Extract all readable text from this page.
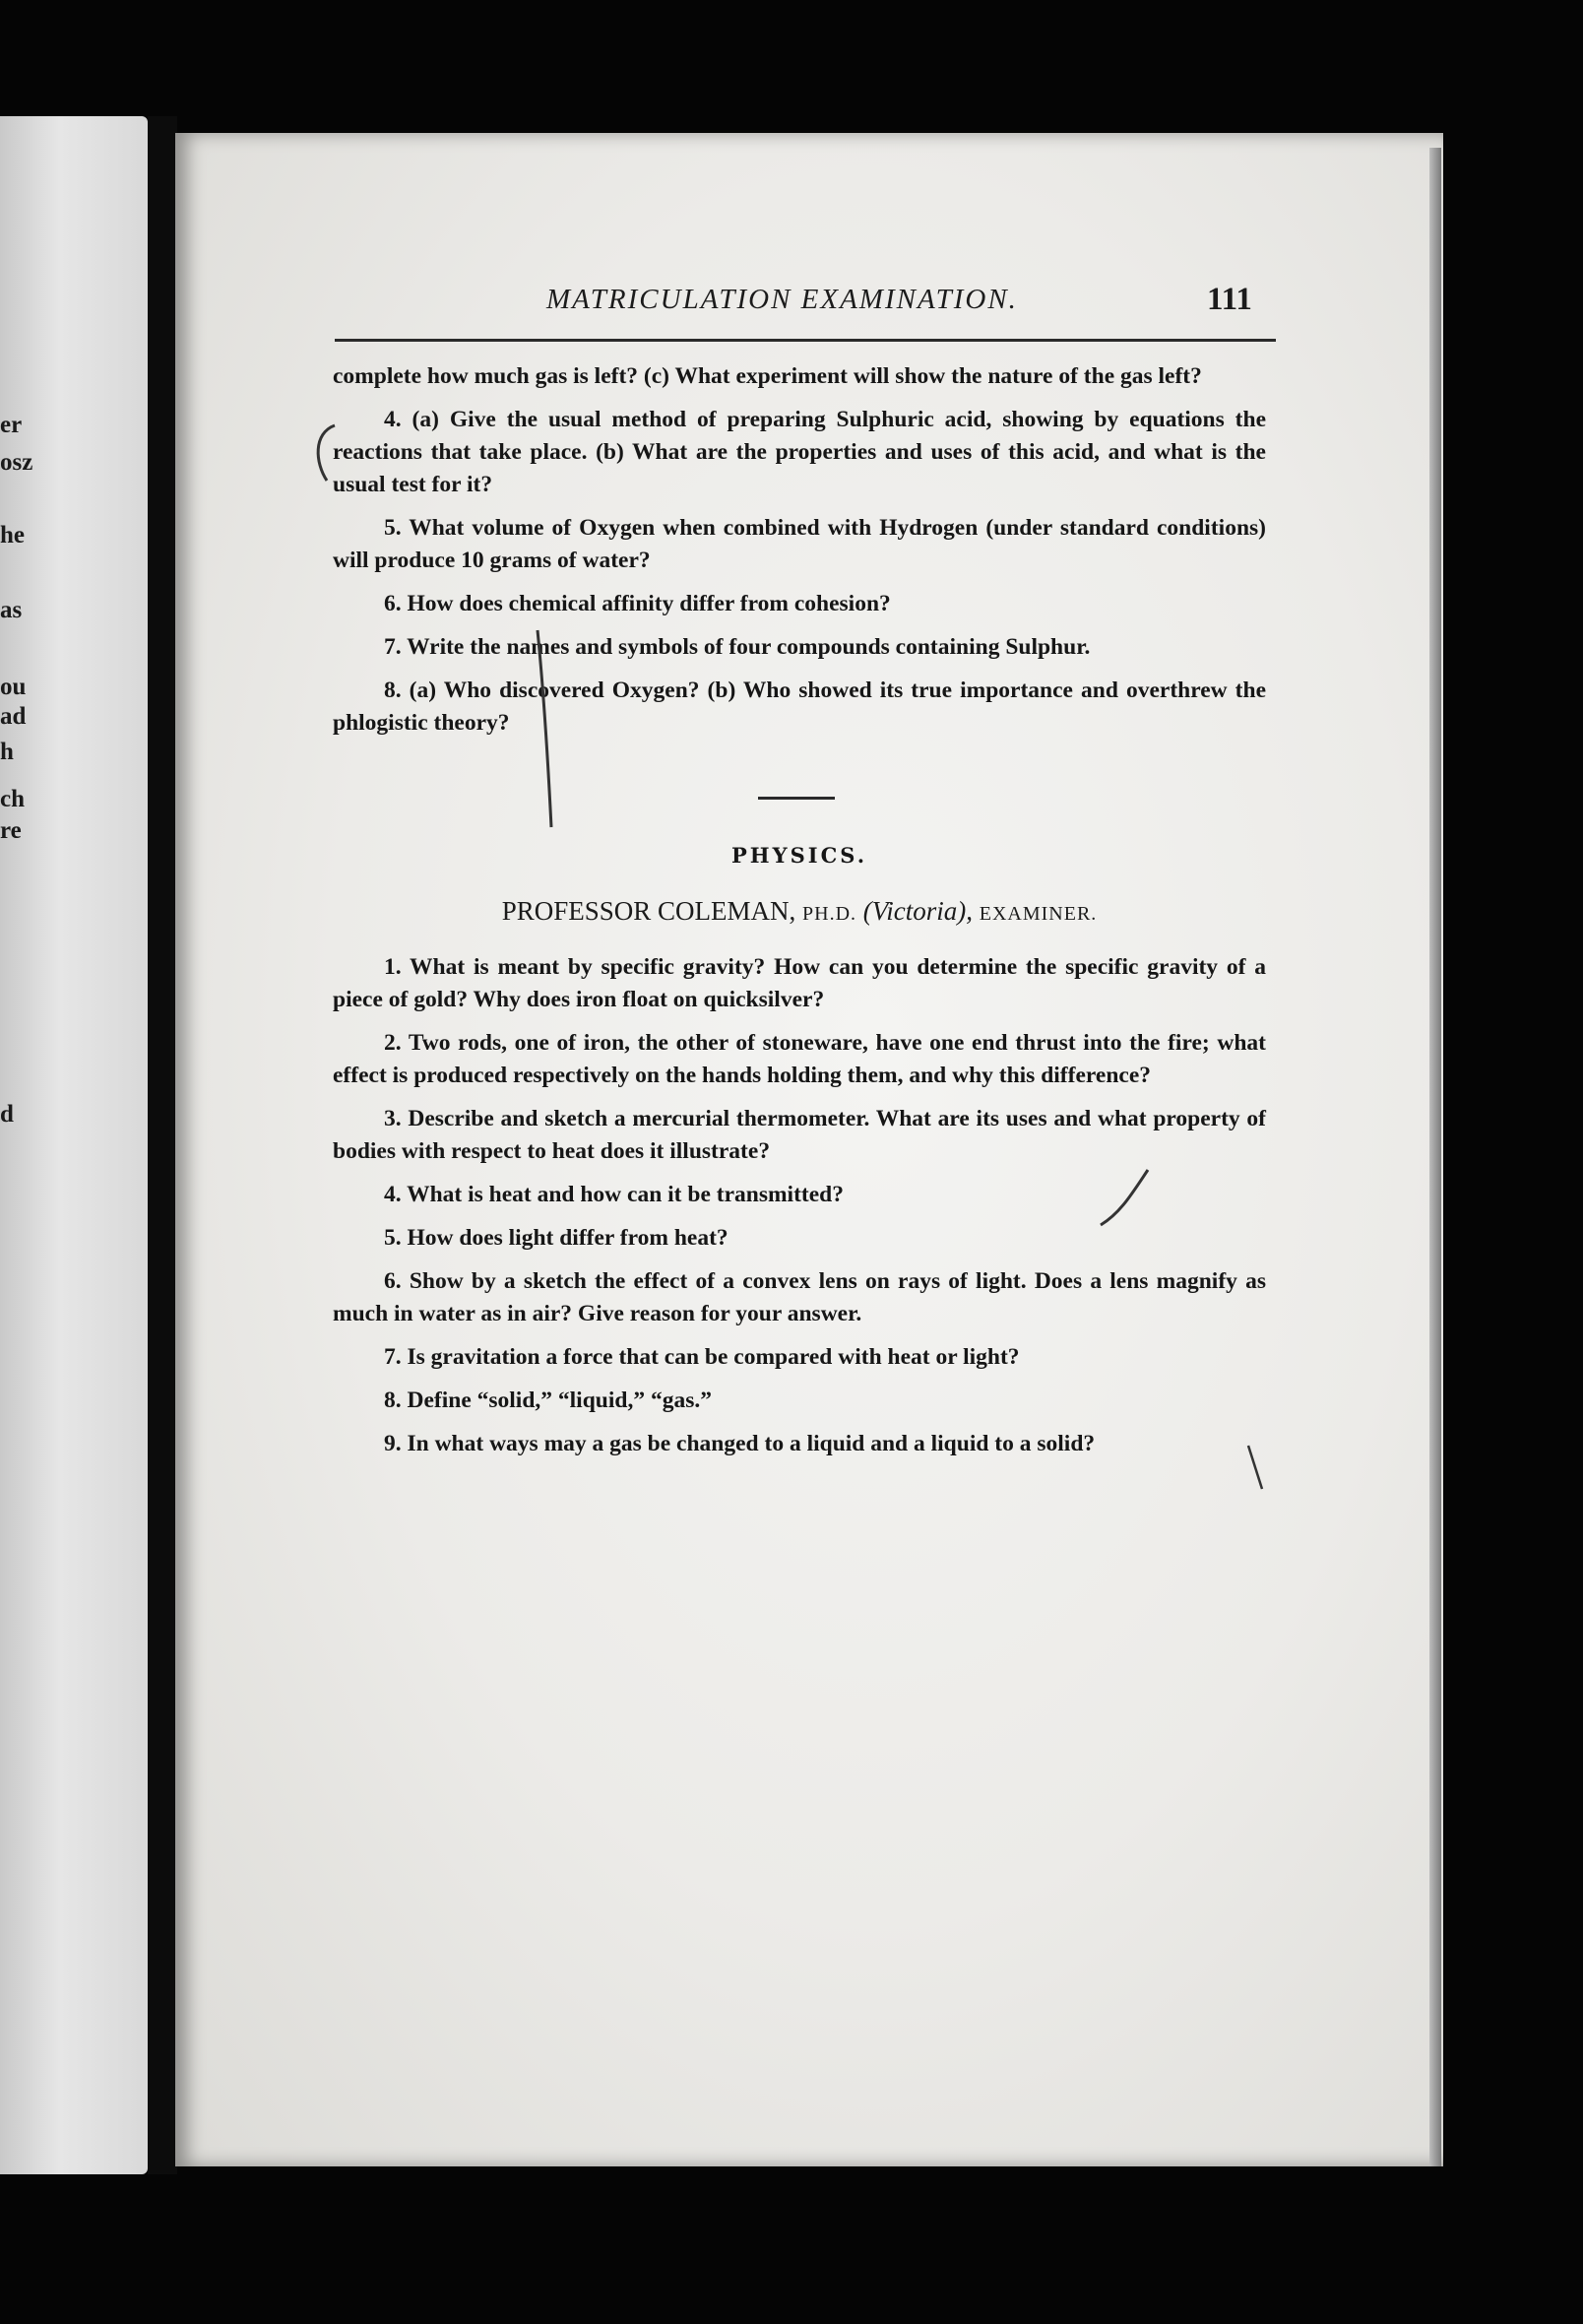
er
osz
he
as
ou
ad
h
ch
re
d
MATRICULATION EXAMINATION.	111

complete how much gas is left? (c) What experiment will show the nature of the gas left?

4. (a) Give the usual method of preparing Sulphuric acid, showing by equations the reactions that take place. (b) What are the properties and uses of this acid, and what is the usual test for it?

5. What volume of Oxygen when combined with Hydrogen (under standard conditions) will produce 10 grams of water?

6. How does chemical affinity differ from cohesion?

7. Write the names and symbols of four compounds containing Sulphur.

8. (a) Who discovered Oxygen? (b) Who showed its true importance and overthrew the phlogistic theory?

PHYSICS.
PROFESSOR COLEMAN, PH.D. (Victoria), EXAMINER.

1. What is meant by specific gravity? How can you determine the specific gravity of a piece of gold? Why does iron float on quicksilver?

2. Two rods, one of iron, the other of stoneware, have one end thrust into the fire; what effect is produced respectively on the hands holding them, and why this difference?

3. Describe and sketch a mercurial thermometer. What are its uses and what property of bodies with respect to heat does it illustrate?

4. What is heat and how can it be transmitted?

5. How does light differ from heat?

6. Show by a sketch the effect of a convex lens on rays of light. Does a lens magnify as much in water as in air? Give reason for your answer.

7. Is gravitation a force that can be compared with heat or light?

8. Define “solid,” “liquid,” “gas.”

9. In what ways may a gas be changed to a liquid and a liquid to a solid?
